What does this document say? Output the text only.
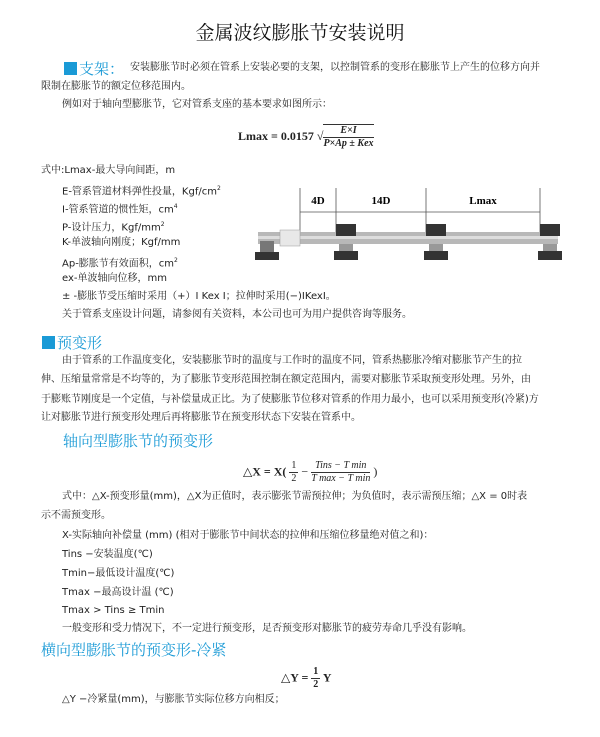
金属波纹膨胀节安装说明
支架： 安装膨胀节时必须在管系上安装必要的支架，以控制管系的变形在膨胀节上产生的位移方向并
限制在膨胀节的额定位移范围内。
例如对于轴向型膨胀节，它对管系支座的基本要求如图所示：
Lmax = 0.0157 √	E×I
P×Ap ± Kex
式中:Lmax-最大导向间距，m
E-管系管道材料弹性投量，Kgf/$cm^2$
I-管系管道的惯性矩，$cm^4$
P-设计压力，Kgf/$mm^2$
K-单波轴向刚度；Kgf/mm
Ap-膨胀节有效面积，$cm^2$
ex-单波轴向位移，mm
± -膨胀节受压缩时采用（+）I Kex I；拉伸时采用(−)IKexI。
关于管系支座设计问题，请参阅有关资料，本公司也可为用户提供咨询等服务。
4D	14D	Lmax
预变形
由于管系的工作温度变化，安装膨胀节时的温度与工作时的温度不同，管系热膨胀冷缩对膨胀节产生的拉
伸、压缩量常常是不均等的，为了膨胀节变形范围控制在额定范围内，需要对膨胀节采取预变形处理。另外，由
于膨账节刚度是一个定值，与补偿量成正比。为了使膨胀节位移对管系的作用力最小，也可以采用预变形(冷紧)方
让对膨胀节进行预变形处理后再将膨胀节在预变形状态下安装在管系中。
轴向型膨胀节的预变形
△X = $X( \frac{1}{2}$ − Tins − T min
T max − T min
)
式中：△X-预变形量(mm)，△X为正值时，表示膨张节需预拉伸；为负值时，表示需预压缩；△X = 0时表
示不需预变形。
X-实际轴向补偿量 (mm) (相对于膨胀节中间状态的拉伸和压缩位移量绝对值之和)：
Tins −安装温度(℃)
Tmin−最低设计温度(℃)
Tmax −最高设计温 (℃)
Tmax > Tins ≥ Tmin
一般变形和受力情况下，不一定进行预变形，足否预变形对膨胀节的疲劳寿命几乎没有影响。
横向型膨胀节的预变形-冷紧
△Y = $\frac{1}{2}$ Y
△Y −冷紧量(mm)，与膨胀节实际位移方向相反；
